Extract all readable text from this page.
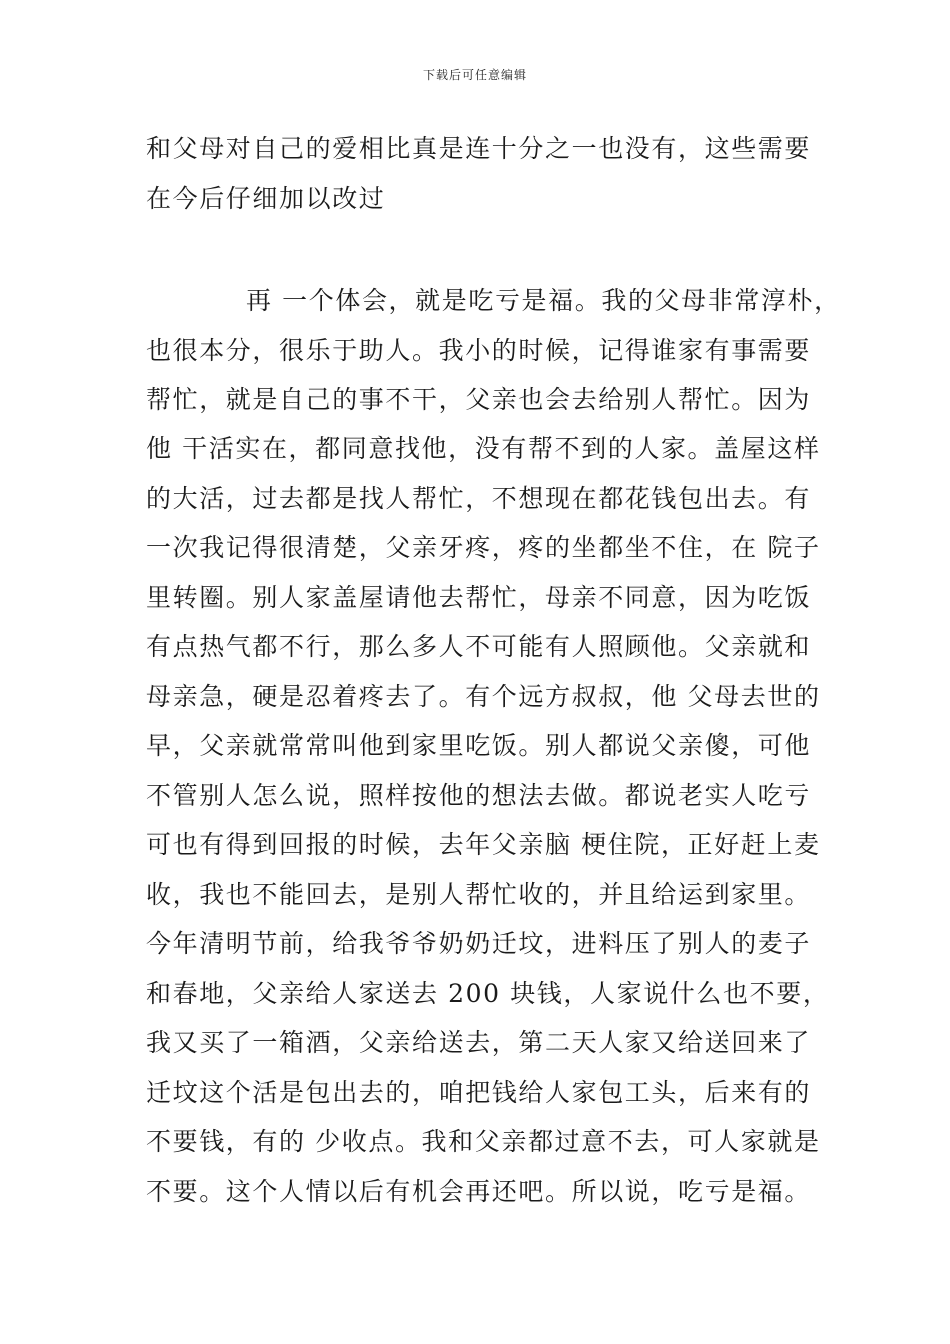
下载后可任意编辑
和父母对自己的爱相比真是连十分之一也没有，这些需要
在今后仔细加以改过
再 一个体会，就是吃亏是福。我的父母非常淳朴，
也很本分，很乐于助人。我小的时候，记得谁家有事需要
帮忙，就是自己的事不干，父亲也会去给别人帮忙。因为
他 干活实在，都同意找他，没有帮不到的人家。盖屋这样
的大活，过去都是找人帮忙，不想现在都花钱包出去。有
一次我记得很清楚，父亲牙疼，疼的坐都坐不住，在 院子
里转圈。别人家盖屋请他去帮忙，母亲不同意，因为吃饭
有点热气都不行，那么多人不可能有人照顾他。父亲就和
母亲急，硬是忍着疼去了。有个远方叔叔，他 父母去世的
早，父亲就常常叫他到家里吃饭。别人都说父亲傻，可他
不管别人怎么说，照样按他的想法去做。都说老实人吃亏
可也有得到回报的时候，去年父亲脑 梗住院，正好赶上麦
收，我也不能回去，是别人帮忙收的，并且给运到家里。
今年清明节前，给我爷爷奶奶迁坟，进料压了别人的麦子
和春地，父亲给人家送去 200 块钱，人家说什么也不要，
我又买了一箱酒，父亲给送去，第二天人家又给送回来了
迁坟这个活是包出去的，咱把钱给人家包工头，后来有的
不要钱，有的 少收点。我和父亲都过意不去，可人家就是
不要。这个人情以后有机会再还吧。所以说，吃亏是福。
